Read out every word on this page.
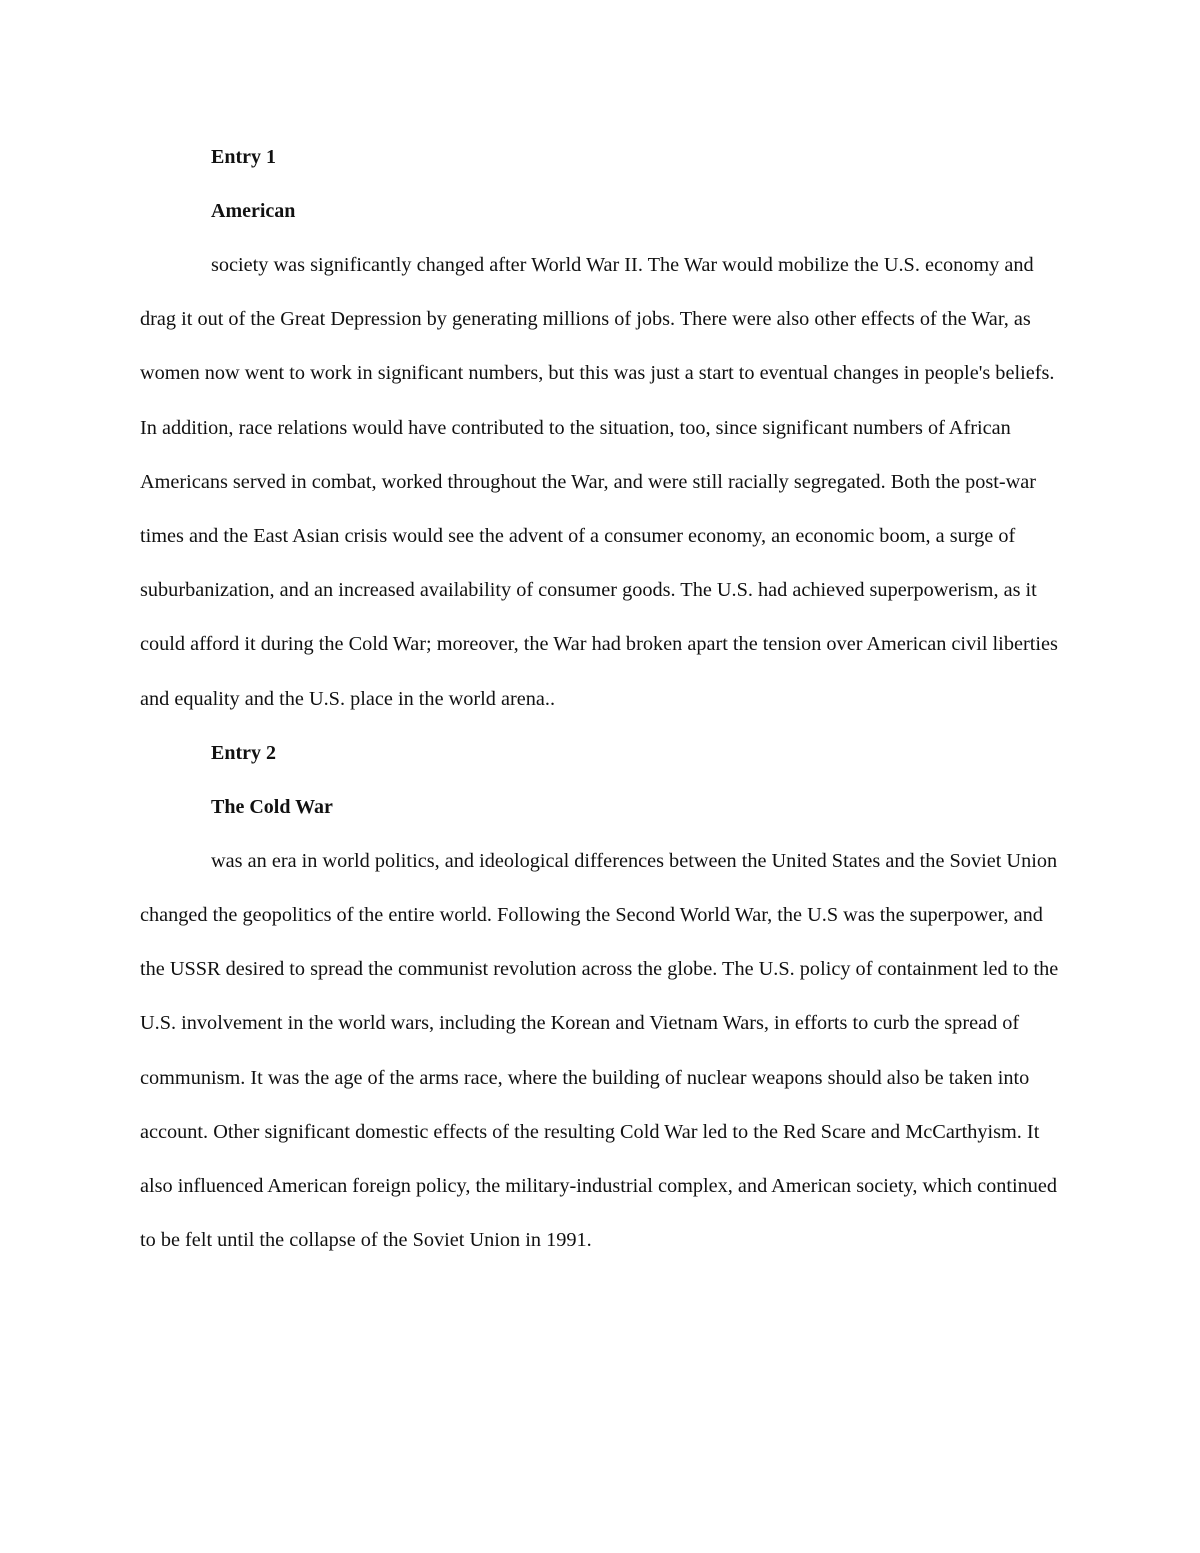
Entry 1

American

society was significantly changed after World War II. The War would mobilize the U.S. economy and drag it out of the Great Depression by generating millions of jobs. There were also other effects of the War, as women now went to work in significant numbers, but this was just a start to eventual changes in people's beliefs. In addition, race relations would have contributed to the situation, too, since significant numbers of African Americans served in combat, worked throughout the War, and were still racially segregated. Both the post-war times and the East Asian crisis would see the advent of a consumer economy, an economic boom, a surge of suburbanization, and an increased availability of consumer goods. The U.S. had achieved superpowerism, as it could afford it during the Cold War; moreover, the War had broken apart the tension over American civil liberties and equality and the U.S. place in the world arena..

Entry 2

The Cold War

was an era in world politics, and ideological differences between the United States and the Soviet Union changed the geopolitics of the entire world. Following the Second World War, the U.S was the superpower, and the USSR desired to spread the communist revolution across the globe. The U.S. policy of containment led to the U.S. involvement in the world wars, including the Korean and Vietnam Wars, in efforts to curb the spread of communism. It was the age of the arms race, where the building of nuclear weapons should also be taken into account. Other significant domestic effects of the resulting Cold War led to the Red Scare and McCarthyism. It also influenced American foreign policy, the military-industrial complex, and American society, which continued to be felt until the collapse of the Soviet Union in 1991.
